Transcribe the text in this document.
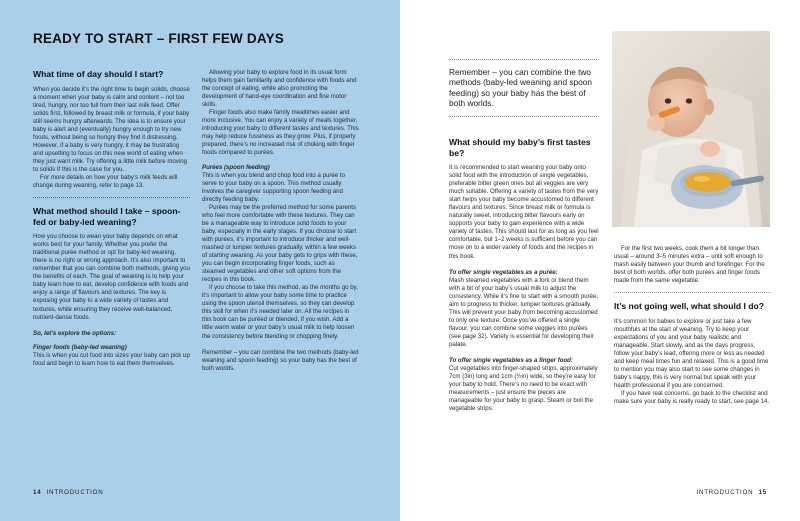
READY TO START – FIRST FEW DAYS

What time of day should I start?

When you decide it’s the right time to begin solids, choose a moment when your baby is calm and content – not too tired, hungry, nor too full from their last milk feed. Offer solids first, followed by breast milk or formula, if your baby still seems hungry afterwards. The idea is to ensure your baby is alert and (eventually) hungry enough to try new foods, without being so hungry they find it distressing. However, if a baby is very hungry, it may be frustrating and upsetting to focus on this new world of eating when they just want milk. Try offering a little milk before moving to solids if this is the case for you.

For more details on how your baby’s milk feeds will change during weaning, refer to page 13.

What method should I take – spoon-fed or baby-led weaning?

How you choose to wean your baby depends on what works best for your family. Whether you prefer the traditional purée method or opt for baby-led weaning, there is no right or wrong approach. It’s also important to remember that you can combine both methods, giving you the benefits of each. The goal of weaning is to help your baby learn how to eat, develop confidence with foods and enjoy a range of flavours and textures. The key is exposing your baby to a wide variety of tastes and textures, while ensuring they receive well-balanced, nutrient-dense foods.

So, let’s explore the options:

Finger foods (baby-led weaning)

This is when you cut food into sizes your baby can pick up food and begin to learn how to eat them themselves.

Allowing your baby to explore food in its usual form helps them gain familiarity and confidence with foods and the concept of eating, while also promoting the development of hand-eye coordination and fine motor skills.

Finger foods also make family mealtimes easier and more inclusive. You can enjoy a variety of meals together, introducing your baby to different tastes and textures. This may help reduce fussiness as they grow. Plus, if properly prepared, there’s no increased risk of choking with finger foods compared to purées.

Purées (spoon feeding)

This is when you blend and chop food into a purée to serve to your baby on a spoon. This method usually involves the caregiver supporting spoon feeding and directly feeding baby.

Purées may be the preferred method for some parents who feel more comfortable with these textures. They can be a manageable way to introduce solid foods to your baby, especially in the early stages. If you choose to start with purées, it’s important to introduce thicker and well-mashed or lumpier textures gradually, within a few weeks of starting weaning. As your baby gets to grips with these, you can begin incorporating finger foods, such as steamed vegetables and other soft options from the recipes in this book.

If you choose to take this method, as the months go by, it’s important to allow your baby some time to practice using the spoon utensil themselves, so they can develop this skill for when it’s needed later on. All the recipes in this book can be puréed or blended, if you wish. Add a little warm water or your baby’s usual milk to help loosen the consistency before blending or chopping finely.

Remember – you can combine the two methods (baby-led weaning and spoon feeding) so your baby has the best of both worlds.

14 INTRODUCTION

What should my baby’s first tastes be?

It is recommended to start weaning your baby onto solid food with the introduction of single vegetables, preferable bitter green ones but all veggies are very much suitable. Offering a variety of tastes from the very start helps your baby become accustomed to different flavours and textures. Since breast milk or formula is naturally sweet, introducing bitter flavours early on supports your baby to gain experience with a wide variety of tastes. This should last for as long as you feel comfortable, but 1–2 weeks is sufficient before you can move on to a wider variety of foods and the recipes in this book.

To offer single vegetables as a purée:

Mash steamed vegetables with a fork or blend them with a bit of your baby’s usual milk to adjust the consistency. While it’s fine to start with a smooth purée, aim to progress to thicker, lumpier textures gradually. This will prevent your baby from becoming accustomed to only one texture. Once you’ve offered a single flavour, you can combine some veggies into purées (see page 32). Variety is essential for developing their palate.

To offer single vegetables as a finger food:

Cut vegetables into finger-shaped strips, approximately 7cm (3in) long and 1cm (½in) wide, so they’re easy for your baby to hold. There’s no need to be exact with measurements – just ensure the pieces are manageable for your baby to grasp. Steam or boil the vegetable strips.

For the first two weeks, cook them a bit longer than usual – around 3–5 minutes extra – until soft enough to mash easily between your thumb and forefinger. For the best of both worlds, offer both purées and finger foods made from the same vegetable.

It’s not going well, what should I do?

It’s common for babies to explore or just take a few mouthfuls at the start of weaning. Try to keep your expectations of you and your baby realistic and manageable. Start slowly, and as the days progress, follow your baby’s lead, offering more or less as needed and keep meal times fun and relaxed. This is a good time to mention you may also start to see some changes in baby’s nappy, this is very normal but speak with your health professional if you are concerned.

If you have real concerns, go back to the checklist and make sure your baby is really ready to start, see page 14.

INTRODUCTION 15
Remember – you can combine the two methods (baby-led weaning and spoon feeding) so your baby has the best of both worlds.
